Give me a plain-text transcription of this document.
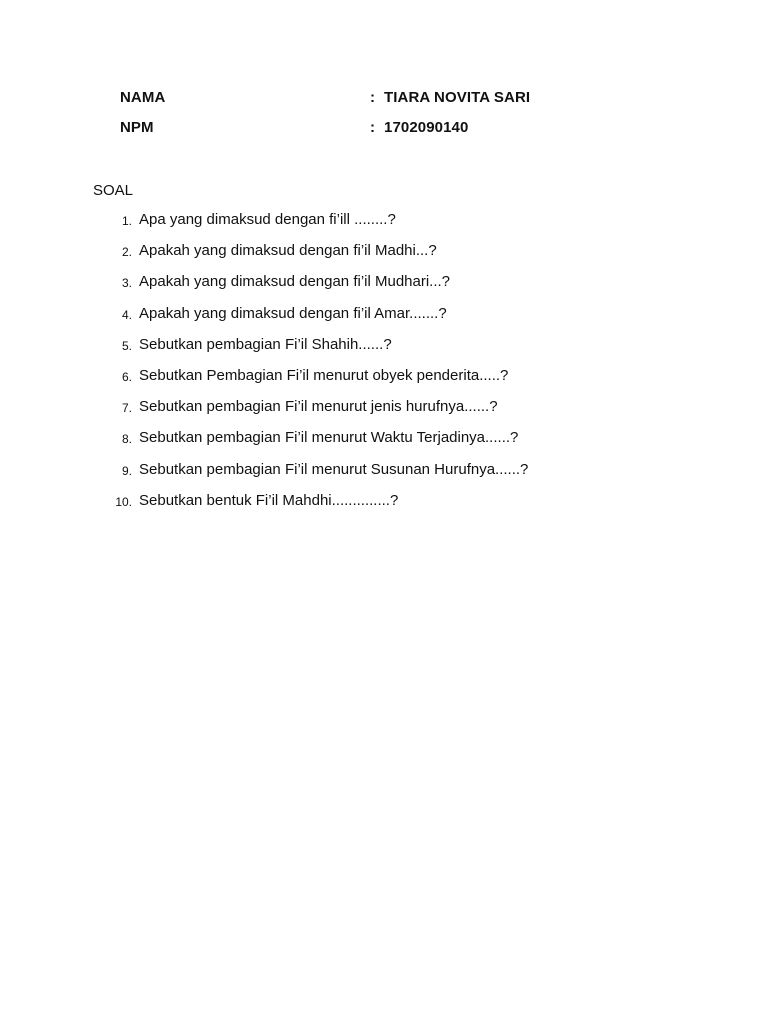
NAMA	: TIARA NOVITA SARI
NPM	: 1702090140
SOAL
1. Apa yang dimaksud dengan fi’ill ........?
2. Apakah yang dimaksud dengan fi’il Madhi...?
3. Apakah yang dimaksud dengan fi’il Mudhari...?
4. Apakah yang dimaksud dengan fi’il Amar.......?
5. Sebutkan pembagian Fi’il Shahih......?
6. Sebutkan Pembagian Fi’il menurut obyek penderita.....?
7. Sebutkan pembagian Fi’il menurut jenis hurufnya......?
8. Sebutkan pembagian Fi’il menurut Waktu Terjadinya......?
9. Sebutkan pembagian Fi’il menurut Susunan Hurufnya......?
10. Sebutkan bentuk Fi’il Mahdhi..............?
